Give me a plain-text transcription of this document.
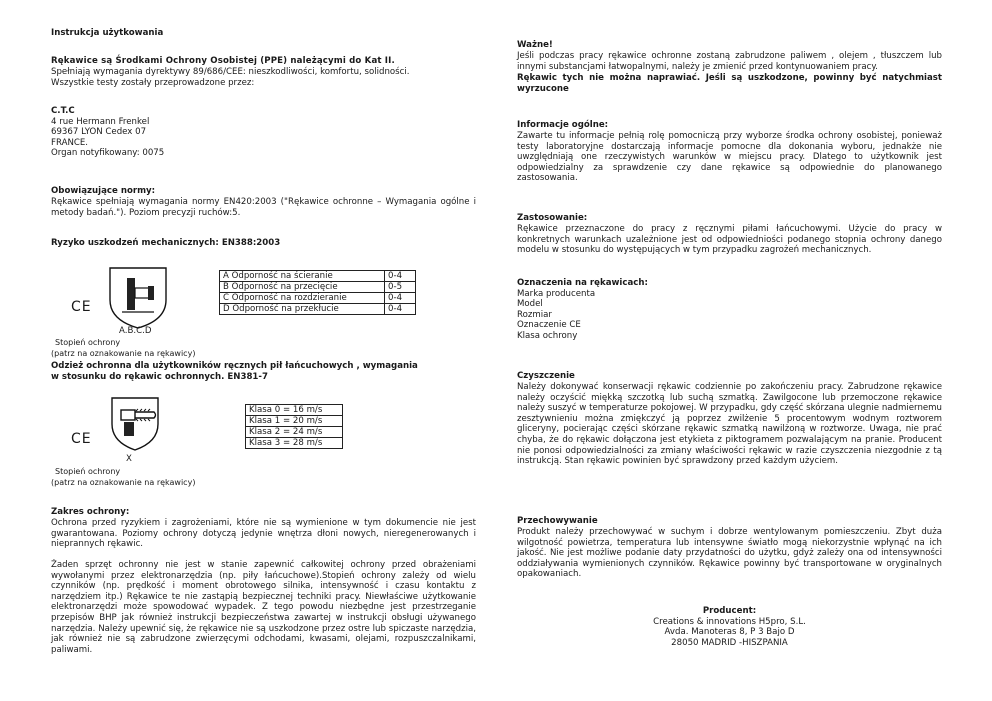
Instrukcja użytkowania

Rękawice są Środkami Ochrony Osobistej (PPE) należącymi do Kat II.

Spełniają wymagania dyrektywy 89/686/CEE: nieszkodliwości, komfortu, solidności.

Wszystkie testy zostały przeprowadzone przez:

C.T.C

4 rue Hermann Frenkel

69367 LYON Cedex 07

FRANCE.

Organ notyfikowany: 0075

Obowiązujące normy:

Rękawice spełniają wymagania normy EN420:2003 ("Rękawice ochronne – Wymagania ogólne i metody badań."). Poziom precyzji ruchów:5.

Ryzyko uszkodzeń mechanicznych: EN388:2003

CE

A.B.C.D

A Odporność na ścieranie	0-4
B Odporność na przecięcie	0-5
C Odporność na rozdzieranie	0-4
D Odporność na przekłucie	0-4

Stopień ochrony

(patrz na oznakowanie na rękawicy)

Odzież ochronna dla użytkowników ręcznych pił łańcuchowych , wymagania

w stosunku do rękawic ochronnych. EN381-7

CE

X

Klasa 0 = 16 m/s
Klasa 1 = 20 m/s
Klasa 2 = 24 m/s
Klasa 3 = 28 m/s

Stopień ochrony

(patrz na oznakowanie na rękawicy)

Zakres ochrony:

Ochrona przed ryzykiem i zagrożeniami, które nie są wymienione w tym dokumencie nie jest gwarantowana. Poziomy ochrony dotyczą jedynie wnętrza dłoni nowych, nieregenerowanych i nieprannych rękawic.

Żaden sprzęt ochronny nie jest w stanie zapewnić całkowitej ochrony przed obrażeniami wywołanymi przez elektronarzędzia (np. piły łańcuchowe).Stopień ochrony zależy od wielu czynników (np. prędkość i moment obrotowego silnika, intensywność i czasu kontaktu z narzędziem itp.) Rękawice te nie zastąpią bezpiecznej techniki pracy. Niewłaściwe użytkowanie elektronarzędzi może spowodować wypadek. Z tego powodu niezbędne jest przestrzeganie przepisów BHP jak również instrukcji bezpieczeństwa zawartej w instrukcji obsługi używanego narzędzia. Należy upewnić się, że rękawice nie są uszkodzone przez ostre lub spiczaste narzędzia, jak również nie są zabrudzone zwierzęcymi odchodami, kwasami, olejami, rozpuszczalnikami, paliwami.

Ważne!

Jeśli podczas pracy rękawice ochronne zostaną zabrudzone paliwem , olejem , tłuszczem lub innymi substancjami łatwopalnymi, należy je zmienić przed kontynuowaniem pracy.

Rękawic tych nie można naprawiać. Jeśli są uszkodzone, powinny być natychmiast wyrzucone

Informacje ogólne:

Zawarte tu informacje pełnią rolę pomocniczą przy wyborze środka ochrony osobistej, ponieważ testy laboratoryjne dostarczają informacje pomocne dla dokonania wyboru, jednakże nie uwzględniają one rzeczywistych warunków w miejscu pracy. Dlatego to użytkownik jest odpowiedzialny za sprawdzenie czy dane rękawice są odpowiednie do planowanego zastosowania.

Zastosowanie:

Rękawice przeznaczone do pracy z ręcznymi piłami łańcuchowymi. Użycie do pracy w konkretnych warunkach uzależnione jest od odpowiedniości podanego stopnia ochrony danego modelu w stosunku do występujących w tym przypadku zagrożeń mechanicznych.

Oznaczenia na rękawicach:

Marka producenta

Model

Rozmiar

Oznaczenie CE

Klasa ochrony

Czyszczenie

Należy dokonywać konserwacji rękawic codziennie po zakończeniu pracy. Zabrudzone rękawice należy oczyścić miękką szczotką lub suchą szmatką. Zawilgocone lub przemoczone rękawice należy suszyć w temperaturze pokojowej. W przypadku, gdy część skórzana ulegnie nadmiernemu zesztywnieniu można zmiękczyć ją poprzez zwilżenie 5 procentowym wodnym roztworem gliceryny, pocierając części skórzane rękawic szmatką nawilżoną w roztworze. Uwaga, nie prać chyba, że do rękawic dołączona jest etykieta z piktogramem pozwalającym na pranie. Producent nie ponosi odpowiedzialności za zmiany właściwości rękawic w razie czyszczenia niezgodnie z tą instrukcją. Stan rękawic powinien być sprawdzony przed każdym użyciem.

Przechowywanie

Produkt należy przechowywać w suchym i dobrze wentylowanym pomieszczeniu. Zbyt duża wilgotność powietrza, temperatura lub intensywne światło mogą niekorzystnie wpłynąć na ich jakość. Nie jest możliwe podanie daty przydatności do użytku, gdyż zależy ona od intensywności oddziaływania wymienionych czynników. Rękawice powinny być transportowane w oryginalnych opakowaniach.

Producent:

Creations & innovations H5pro, S.L.

Avda. Manoteras 8, P 3 Bajo D

28050 MADRID -HISZPANIA
